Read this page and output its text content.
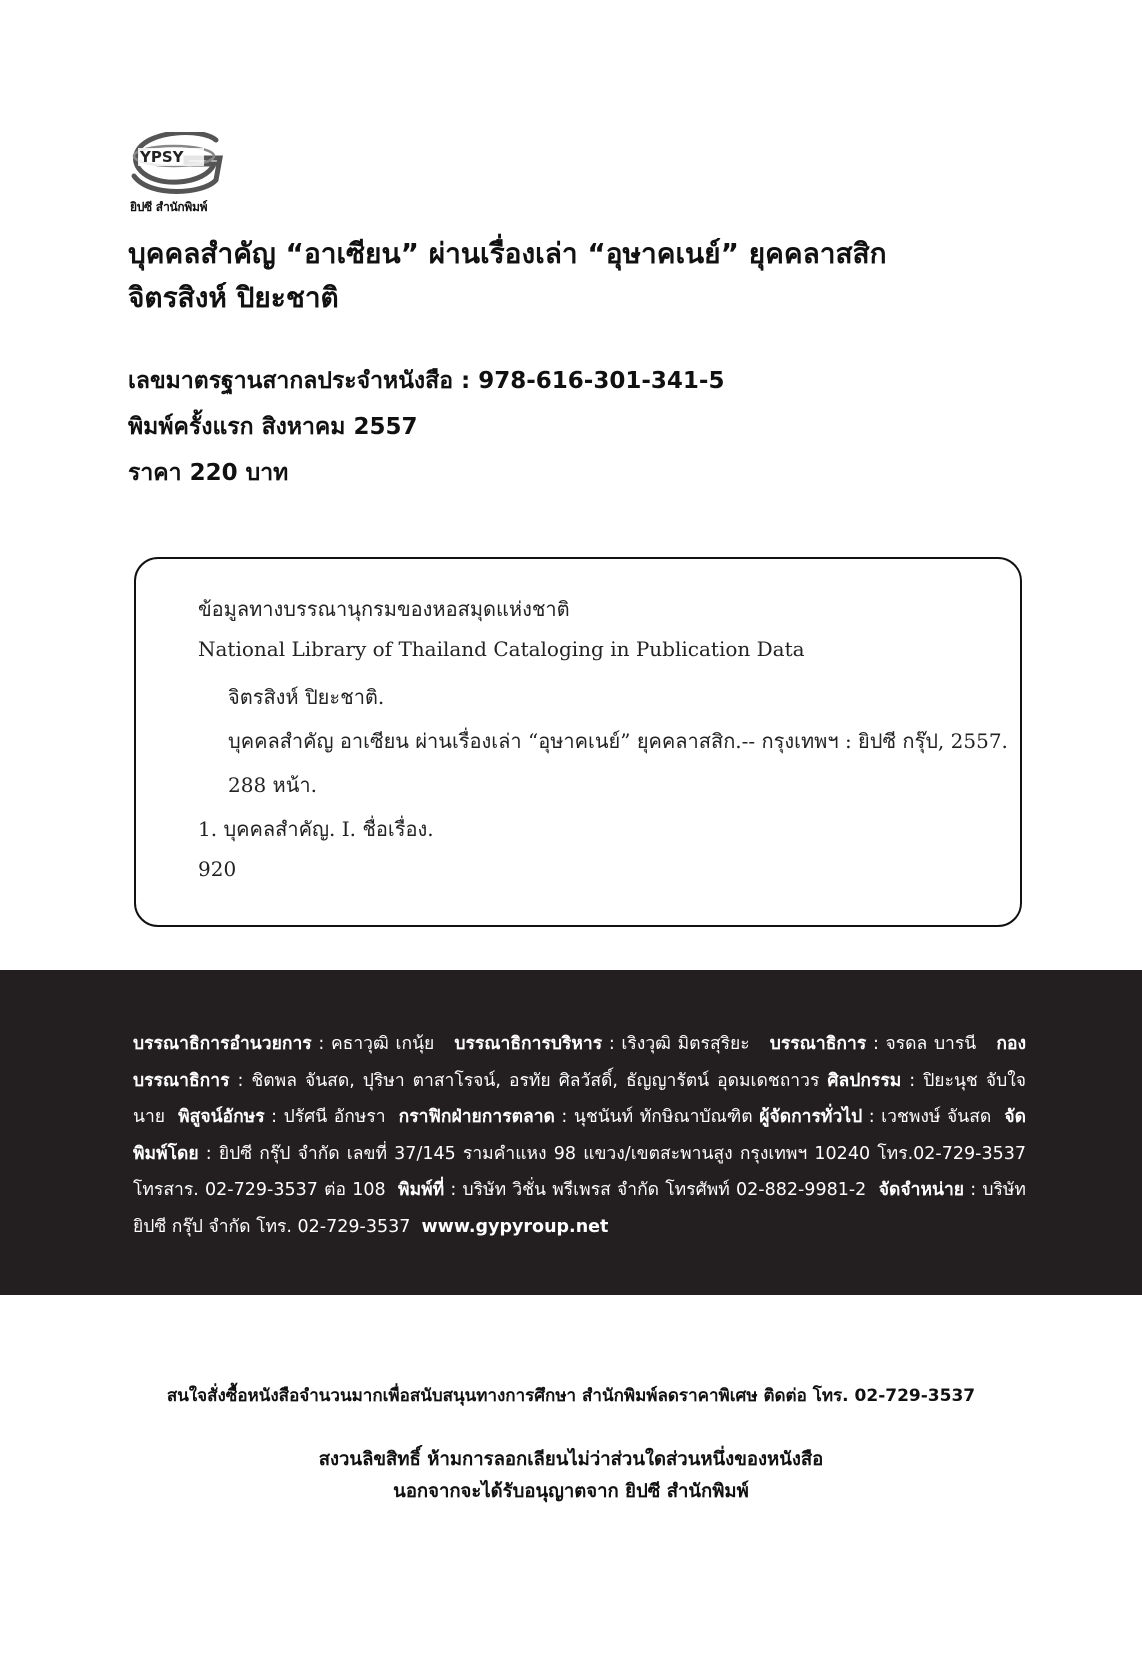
YPSY
ยิปซี สำนักพิมพ์
บุคคลสำคัญ “อาเซียน” ผ่านเรื่องเล่า “อุษาคเนย์” ยุคคลาสสิก
จิตรสิงห์ ปิยะชาติ
เลขมาตรฐานสากลประจำหนังสือ : 978-616-301-341-5
พิมพ์ครั้งแรก สิงหาคม 2557
ราคา 220 บาท
ข้อมูลทางบรรณานุกรมของหอสมุดแห่งชาติ
National Library of Thailand Cataloging in Publication Data
จิตรสิงห์ ปิยะชาติ.
บุคคลสำคัญ อาเซียน ผ่านเรื่องเล่า “อุษาคเนย์” ยุคคลาสสิก.-- กรุงเทพฯ : ยิปซี กรุ๊ป, 2557.
288 หน้า.
1. บุคคลสำคัญ. I. ชื่อเรื่อง.
920
บรรณาธิการอำนวยการ : คธาวุฒิ เกนุ้ย บรรณาธิการบริหาร : เริงวุฒิ มิตรสุริยะ บรรณาธิการ : จรดล บารนี กองบรรณาธิการ : ชิตพล จันสด, ปุริษา ตาสาโรจน์, อรทัย ศิลวัสดิ์, ธัญญารัตน์ อุดมเดชถาวร ศิลปกรรม : ปิยะนุช จับใจนาย พิสูจน์อักษร : ปรัศนี อักษรา กราฟิกฝ่ายการตลาด : นุชนันท์ ทักษิณาบัณฑิต ผู้จัดการทั่วไป : เวชพงษ์ จันสด จัดพิมพ์โดย : ยิปซี กรุ๊ป จำกัด เลขที่ 37/145 รามคำแหง 98 แขวง/เขตสะพานสูง กรุงเทพฯ 10240 โทร.02-729-3537 โทรสาร. 02-729-3537 ต่อ 108 พิมพ์ที่ : บริษัท วิชั่น พรีเพรส จำกัด โทรศัพท์ 02-882-9981-2 จัดจำหน่าย : บริษัท ยิปซี กรุ๊ป จำกัด โทร. 02-729-3537 www.gypyroup.net
สนใจสั่งซื้อหนังสือจำนวนมากเพื่อสนับสนุนทางการศึกษา สำนักพิมพ์ลดราคาพิเศษ ติดต่อ โทร. 02-729-3537
สงวนลิขสิทธิ์ ห้ามการลอกเลียนไม่ว่าส่วนใดส่วนหนึ่งของหนังสือ
นอกจากจะได้รับอนุญาตจาก ยิปซี สำนักพิมพ์
